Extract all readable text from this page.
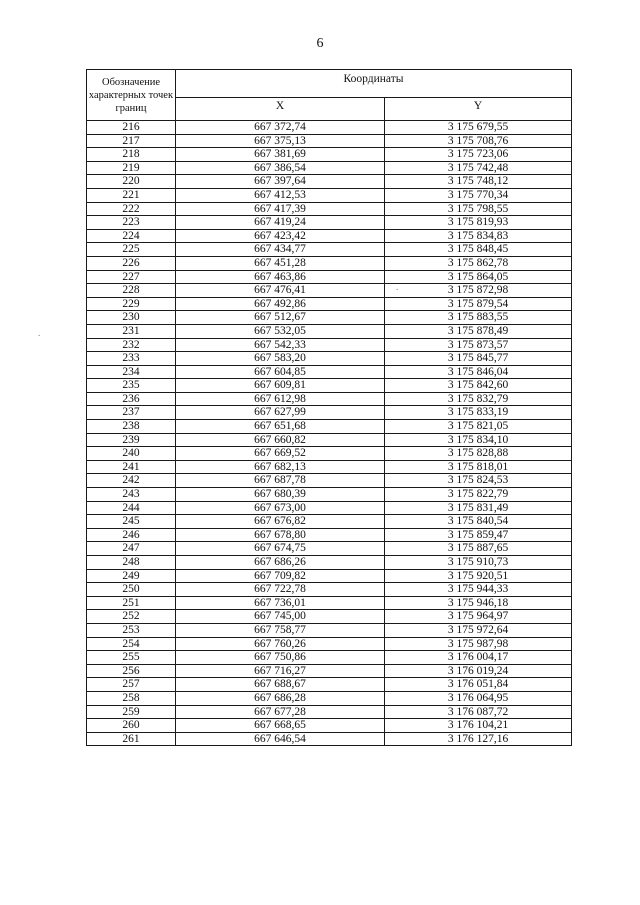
6
.
.
Обозначение характерных точек границ	Координаты	
	X	Y
216	667 372,74	3 175 679,55
217	667 375,13	3 175 708,76
218	667 381,69	3 175 723,06
219	667 386,54	3 175 742,48
220	667 397,64	3 175 748,12
221	667 412,53	3 175 770,34
222	667 417,39	3 175 798,55
223	667 419,24	3 175 819,93
224	667 423,42	3 175 834,83
225	667 434,77	3 175 848,45
226	667 451,28	3 175 862,78
227	667 463,86	3 175 864,05
228	667 476,41	3 175 872,98
229	667 492,86	3 175 879,54
230	667 512,67	3 175 883,55
231	667 532,05	3 175 878,49
232	667 542,33	3 175 873,57
233	667 583,20	3 175 845,77
234	667 604,85	3 175 846,04
235	667 609,81	3 175 842,60
236	667 612,98	3 175 832,79
237	667 627,99	3 175 833,19
238	667 651,68	3 175 821,05
239	667 660,82	3 175 834,10
240	667 669,52	3 175 828,88
241	667 682,13	3 175 818,01
242	667 687,78	3 175 824,53
243	667 680,39	3 175 822,79
244	667 673,00	3 175 831,49
245	667 676,82	3 175 840,54
246	667 678,80	3 175 859,47
247	667 674,75	3 175 887,65
248	667 686,26	3 175 910,73
249	667 709,82	3 175 920,51
250	667 722,78	3 175 944,33
251	667 736,01	3 175 946,18
252	667 745,00	3 175 964,97
253	667 758,77	3 175 972,64
254	667 760,26	3 175 987,98
255	667 750,86	3 176 004,17
256	667 716,27	3 176 019,24
257	667 688,67	3 176 051,84
258	667 686,28	3 176 064,95
259	667 677,28	3 176 087,72
260	667 668,65	3 176 104,21
261	667 646,54	3 176 127,16
